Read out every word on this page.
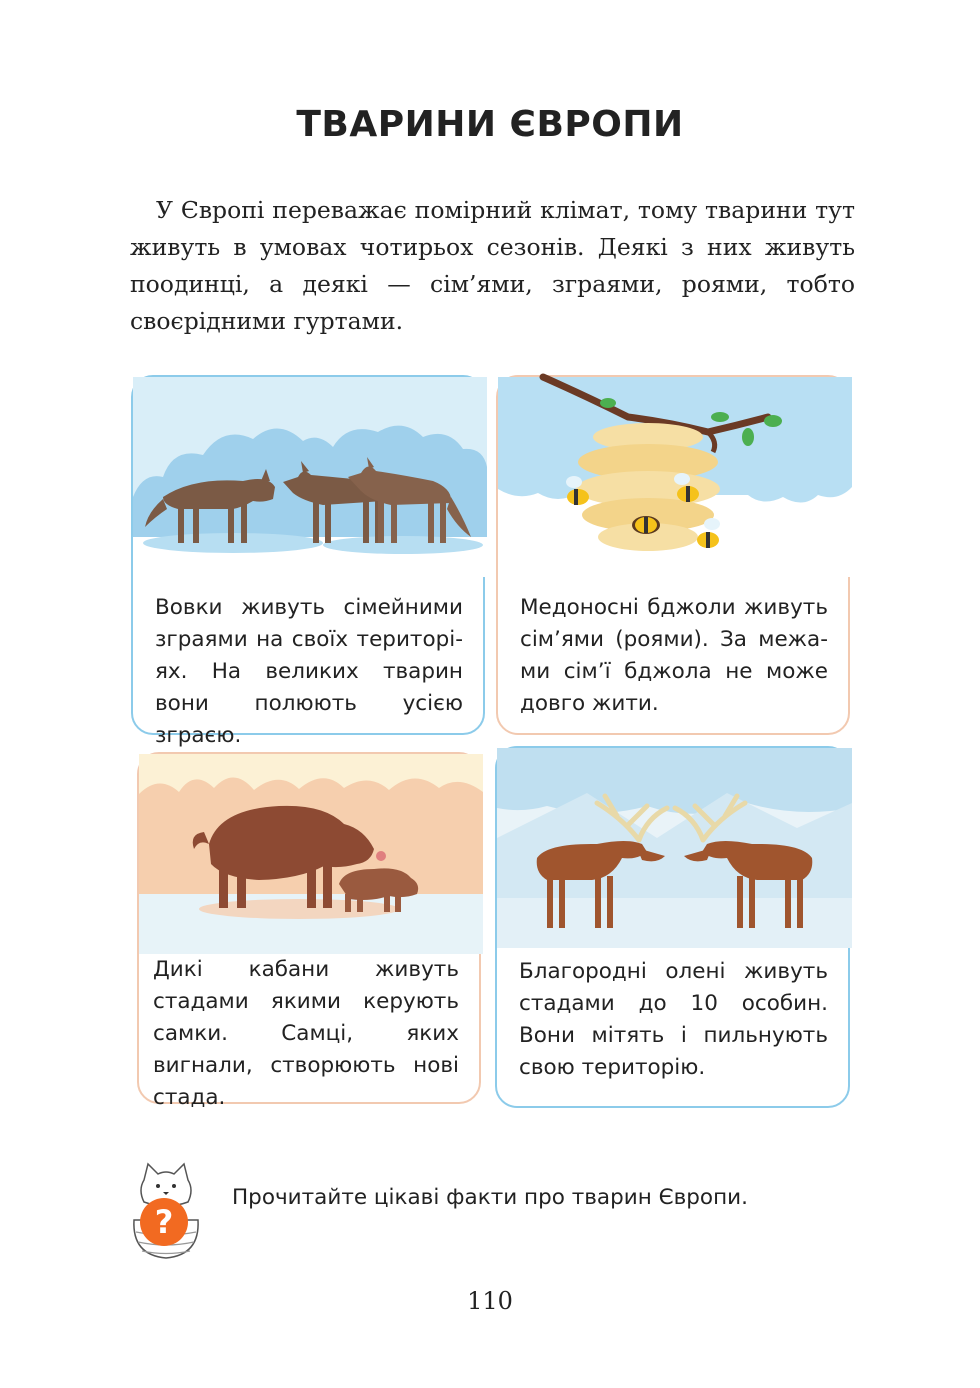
ТВАРИНИ ЄВРОПИ
У Європі переважає помірний клімат, тому тварини тут живуть в умовах чотирьох сезонів. Деякі з них живуть поодинці, а деякі — сім’ями, зграями, роями, тобто своєрідними гуртами.
Вовки живуть сімейними зграями на своїх територіях. На великих тварин вони полюють усією зграєю.
Медоносні бджоли живуть сім’ями (роями). За межами сім’ї бджола не може довго жити.
Дикі кабани живуть стадами якими керують самки. Самці, яких вигнали, створюють нові стада.
Благородні олені живуть стадами до 10 особин. Вони мітять і пильнують свою територію.
?
Прочитайте цікаві факти про тварин Європи.
110
